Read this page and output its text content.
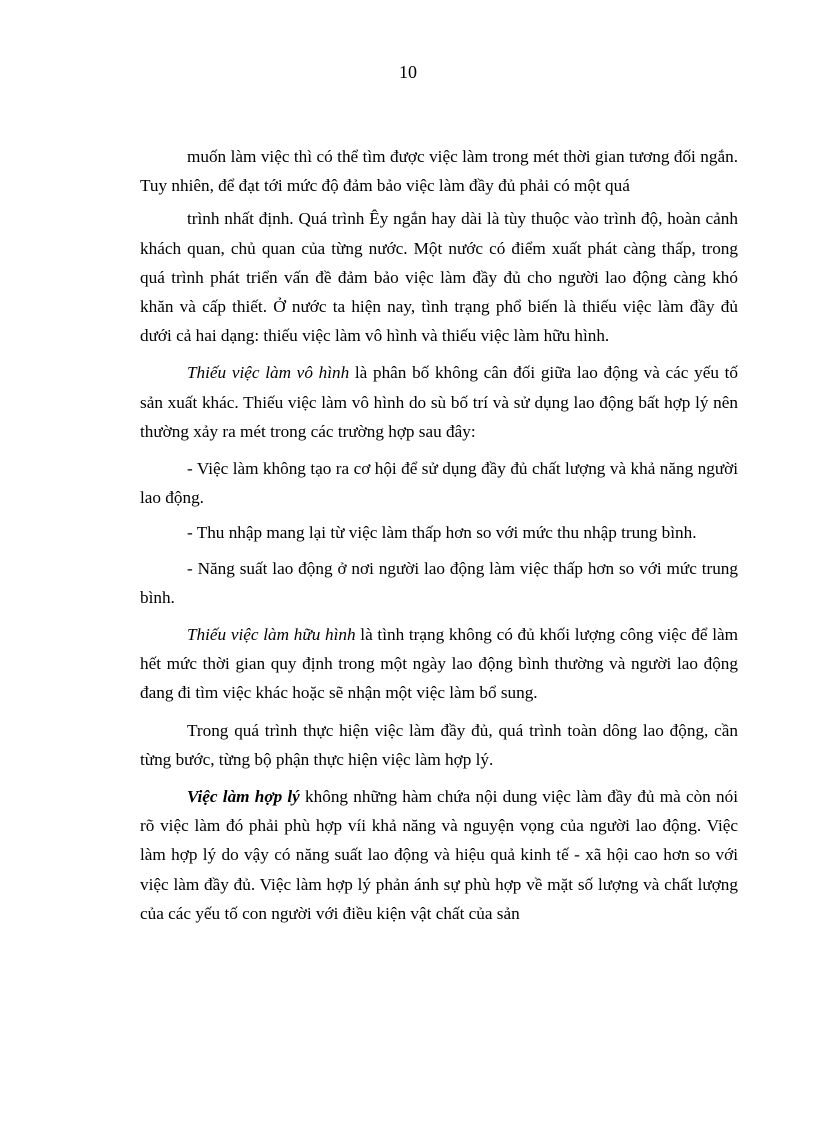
10

muốn làm việc thì có thể tìm được việc làm trong mét thời gian tương đối ngắn. Tuy nhiên, để đạt tới mức độ đảm bảo việc làm đầy đủ phải có một quá

trình nhất định. Quá trình Êy ngắn hay dài là tùy thuộc vào trình độ, hoàn cảnh khách quan, chủ quan của từng nước. Một nước có điểm xuất phát càng thấp, trong quá trình phát triển vấn đề đảm bảo việc làm đầy đủ cho người lao động càng khó khăn và cấp thiết. Ở nước ta hiện nay, tình trạng phổ biến là thiếu việc làm đầy đủ dưới cả hai dạng: thiếu việc làm vô hình và thiếu việc làm hữu hình.

Thiếu việc làm vô hình là phân bố không cân đối giữa lao động và các yếu tố sản xuất khác. Thiếu việc làm vô hình do sù bố trí và sử dụng lao động bất hợp lý nên thường xảy ra mét trong các trường hợp sau đây:

- Việc làm không tạo ra cơ hội để sử dụng đầy đủ chất lượng và khả năng người lao động.

- Thu nhập mang lại từ việc làm thấp hơn so với mức thu nhập trung bình.

- Năng suất lao động ở nơi người lao động làm việc thấp hơn so với mức trung bình.

Thiếu việc làm hữu hình là tình trạng không có đủ khối lượng công việc để làm hết mức thời gian quy định trong một ngày lao động bình thường và người lao động đang đi tìm việc khác hoặc sẽ nhận một việc làm bổ sung.

Trong quá trình thực hiện việc làm đầy đủ, quá trình toàn dông lao động, cần từng bước, từng bộ phận thực hiện việc làm hợp lý.

Việc làm hợp lý không những hàm chứa nội dung việc làm đầy đủ mà còn nói rõ việc làm đó phải phù hợp víi khả năng và nguyện vọng của người lao động. Việc làm hợp lý do vậy có năng suất lao động và hiệu quả kinh tế - xã hội cao hơn so với việc làm đầy đủ. Việc làm hợp lý phản ánh sự phù hợp về mặt số lượng và chất lượng của các yếu tố con người với điều kiện vật chất của sản
